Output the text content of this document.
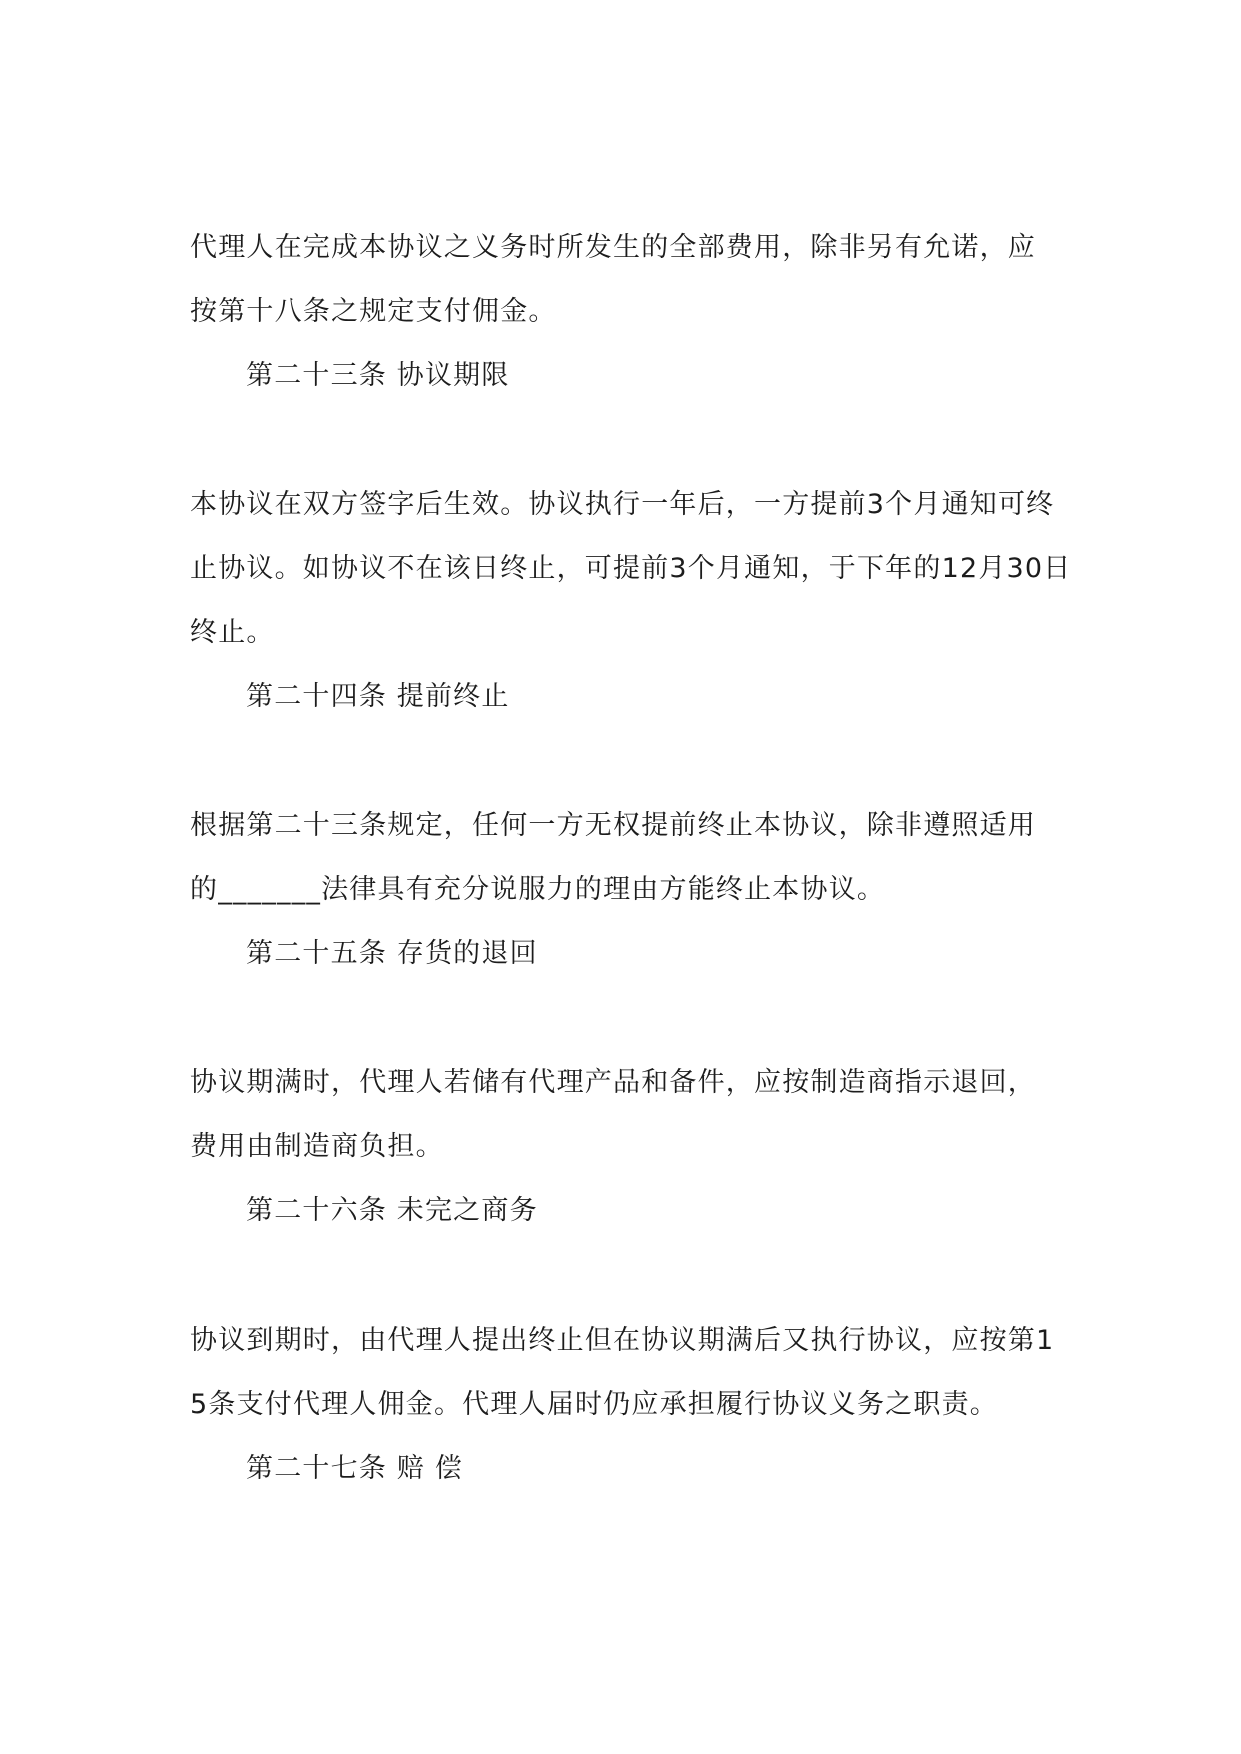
代理人在完成本协议之义务时所发生的全部费用，除非另有允诺，应
按第十八条之规定支付佣金。
第二十三条 协议期限
本协议在双方签字后生效。协议执行一年后，一方提前3个月通知可终
止协议。如协议不在该日终止，可提前3个月通知，于下年的12月30日
终止。
第二十四条 提前终止
根据第二十三条规定，任何一方无权提前终止本协议，除非遵照适用
的_______法律具有充分说服力的理由方能终止本协议。
第二十五条 存货的退回
协议期满时，代理人若储有代理产品和备件，应按制造商指示退回，
费用由制造商负担。
第二十六条 未完之商务
协议到期时，由代理人提出终止但在协议期满后又执行协议，应按第1
5条支付代理人佣金。代理人届时仍应承担履行协议义务之职责。
第二十七条 赔 偿
